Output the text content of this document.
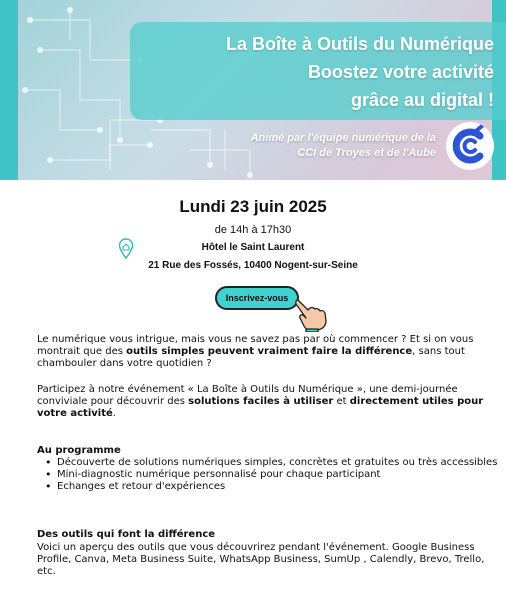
La Boîte à Outils du Numérique
Boostez votre activité
grâce au digital !
Animé par l'équipe numérique de la
CCI de Troyes et de l'Aube
Lundi 23 juin 2025
de 14h à 17h30
Hôtel le Saint Laurent
21 Rue des Fossés, 10400 Nogent-sur-Seine
Inscrivez-vous
Le numérique vous intrigue, mais vous ne savez pas par où commencer ? Et si on vous montrait que des outils simples peuvent vraiment faire la différence, sans tout chambouler dans votre quotidien ?
Participez à notre événement « La Boîte à Outils du Numérique », une demi-journée conviviale pour découvrir des solutions faciles à utiliser et directement utiles pour votre activité.
Au programme
• Découverte de solutions numériques simples, concrètes et gratuites ou très accessibles
• Mini-diagnostic numérique personnalisé pour chaque participant
• Echanges et retour d'expériences
Des outils qui font la différence
Voici un aperçu des outils que vous découvrirez pendant l'événement. Google Business Profile, Canva, Meta Business Suite, WhatsApp Business, SumUp , Calendly, Brevo, Trello, etc.
